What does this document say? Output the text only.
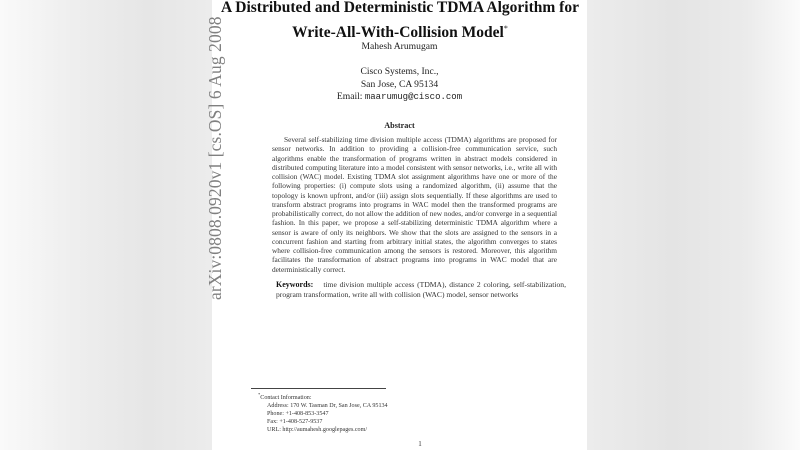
arXiv:0808.0920v1 [cs.OS] 6 Aug 2008
A Distributed and Deterministic TDMA Algorithm for
Write-All-With-Collision Model*
Mahesh Arumugam
Cisco Systems, Inc.,
San Jose, CA 95134
Email: maarumug@cisco.com
Abstract
Several self-stabilizing time division multiple access (TDMA) algorithms are proposed for sensor networks. In addition to providing a collision-free communication service, such algorithms enable the transformation of programs written in abstract models considered in distributed computing literature into a model consistent with sensor networks, i.e., write all with collision (WAC) model. Existing TDMA slot assignment algorithms have one or more of the following properties: (i) compute slots using a randomized algorithm, (ii) assume that the topology is known upfront, and/or (iii) assign slots sequentially. If these algorithms are used to transform abstract programs into programs in WAC model then the transformed programs are probabilistically correct, do not allow the addition of new nodes, and/or converge in a sequential fashion. In this paper, we propose a self-stabilizing deterministic TDMA algorithm where a sensor is aware of only its neighbors. We show that the slots are assigned to the sensors in a concurrent fashion and starting from arbitrary initial states, the algorithm converges to states where collision-free communication among the sensors is restored. Moreover, this algorithm facilitates the transformation of abstract programs into programs in WAC model that are deterministically correct.
Keywords: time division multiple access (TDMA), distance 2 coloring, self-stabilization, program transformation, write all with collision (WAC) model, sensor networks
*Contact Information:
Address: 170 W. Tasman Dr, San Jose, CA 95134
Phone: +1-408-853-3547
Fax: +1-408-527-9537
URL: http://aumahesh.googlepages.com/
1
